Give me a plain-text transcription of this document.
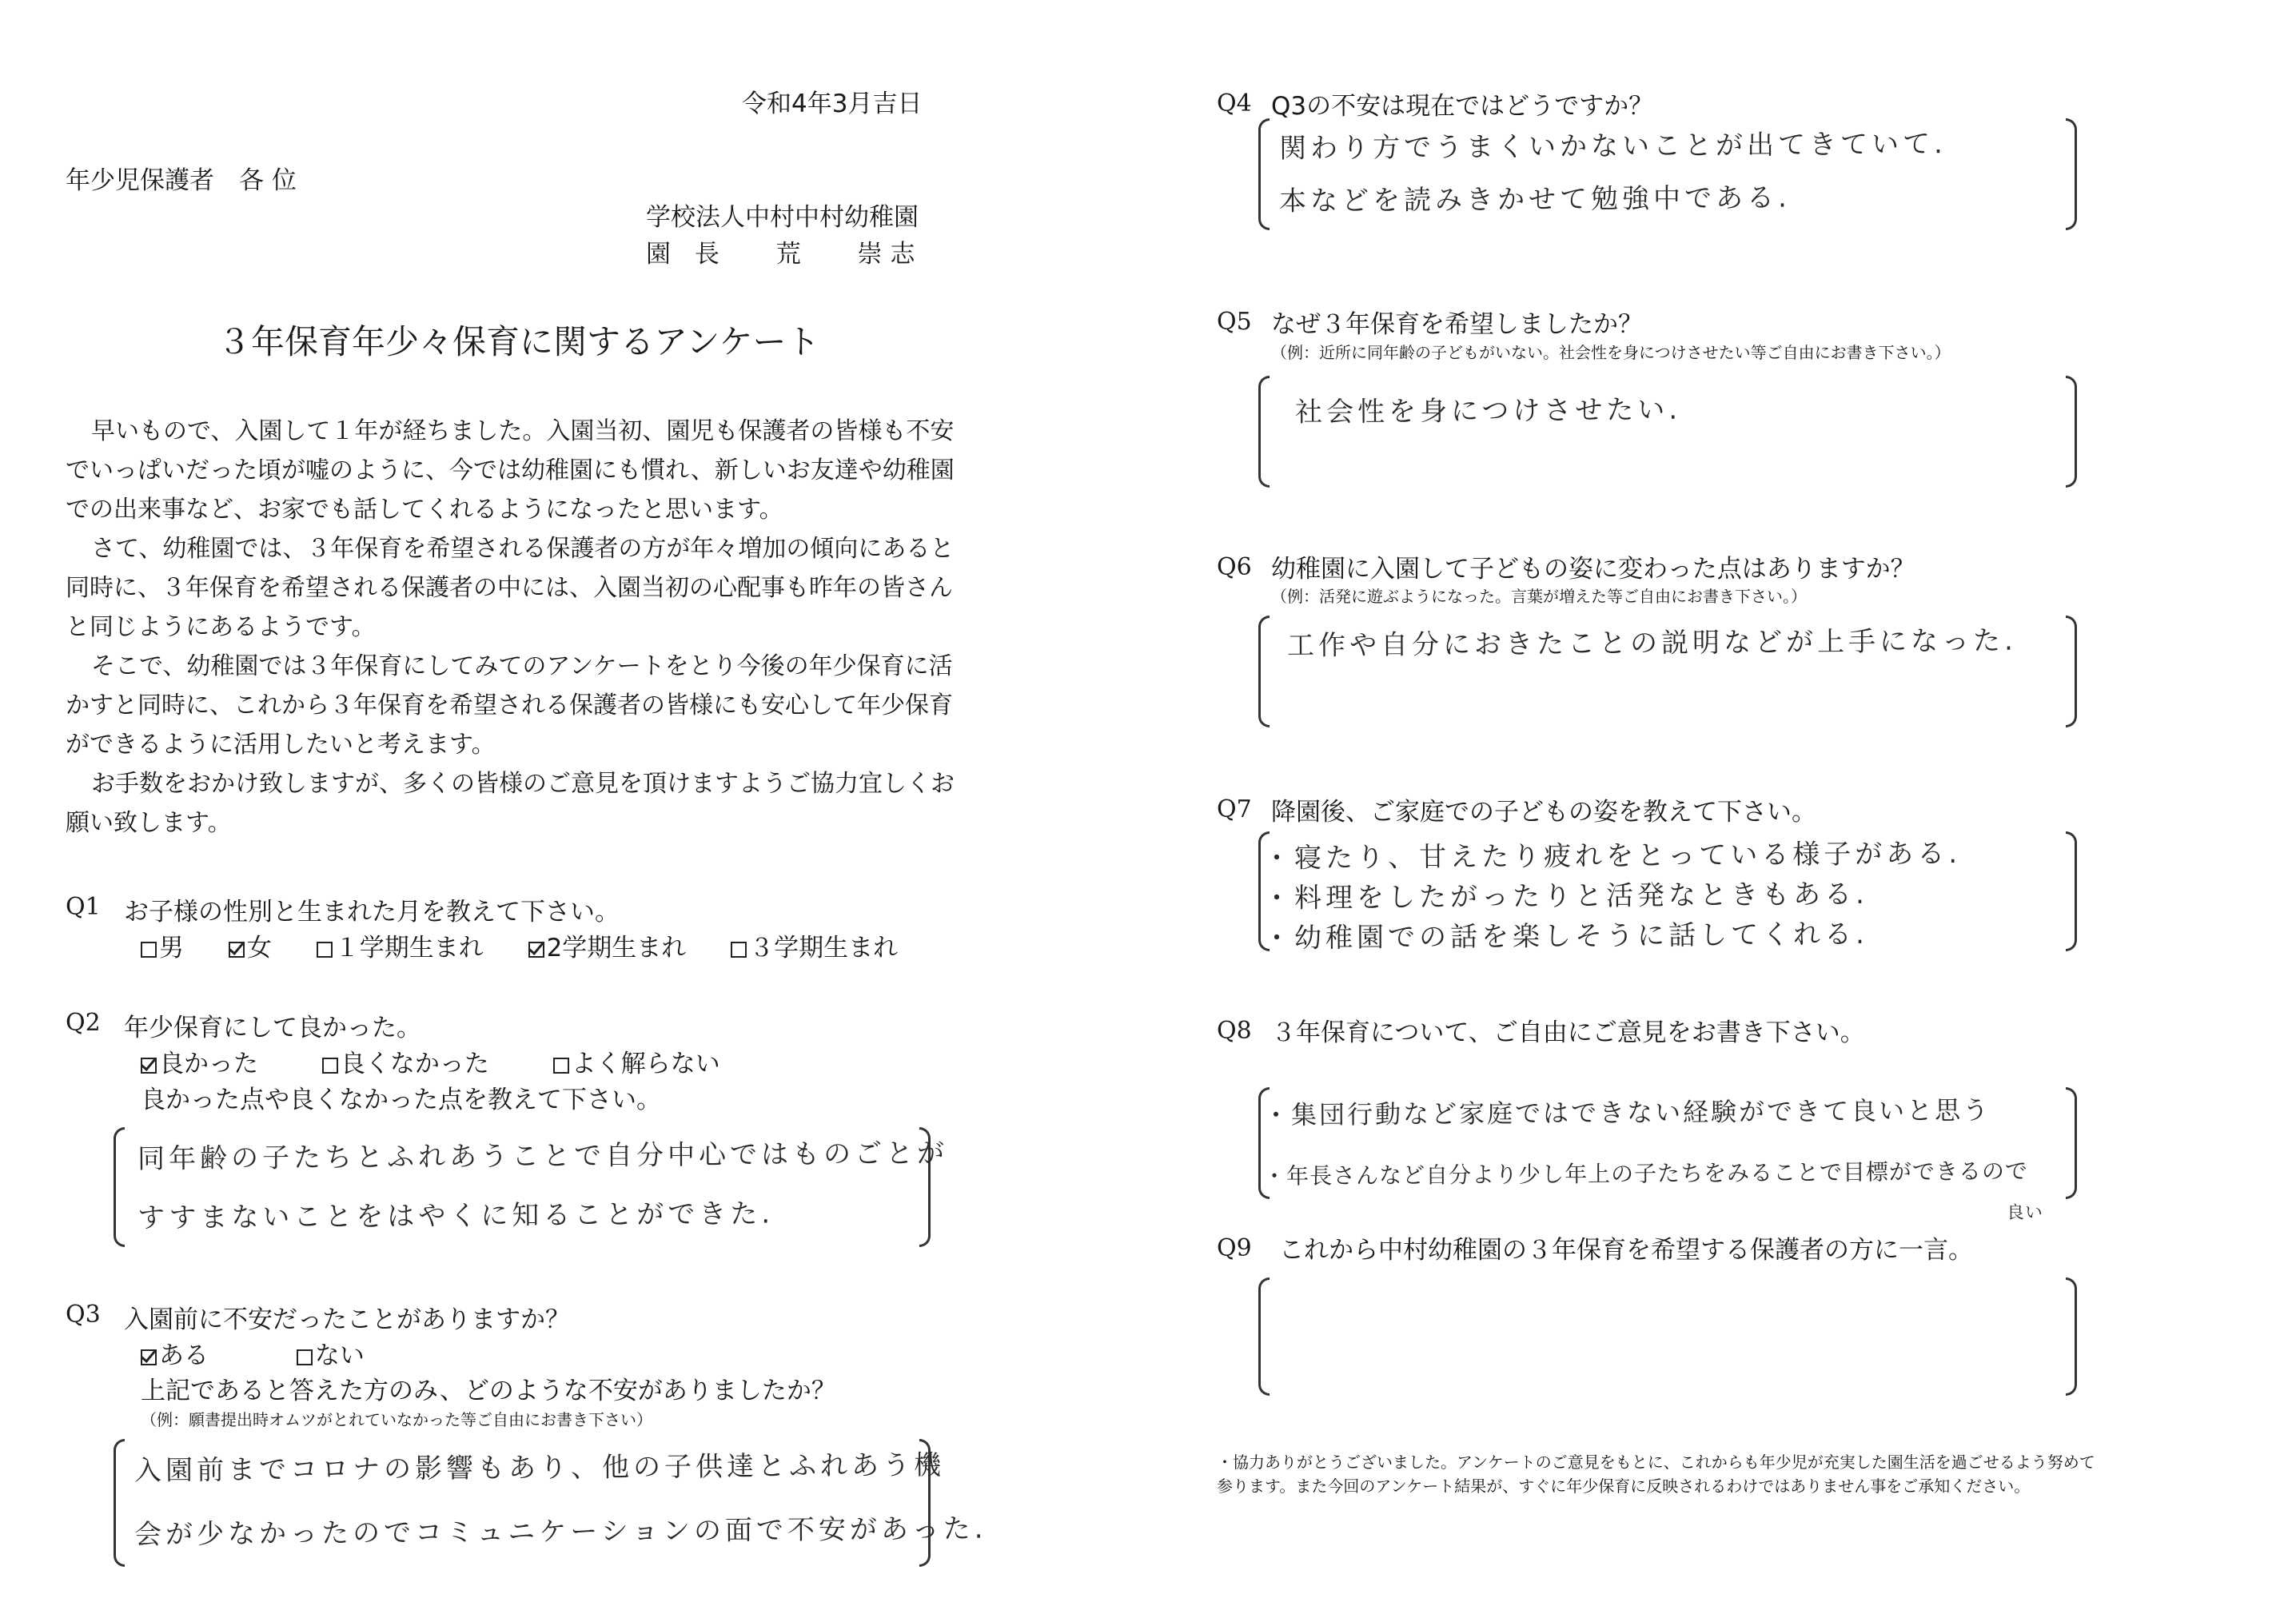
令和4年3月吉日
年少児保護者　各 位
学校法人中村中村幼稚園
園 長　 荒　 崇志
３年保育年少々保育に関するアンケート

早いもので、入園して１年が経ちました。入園当初、園児も保護者の皆様も不安でいっぱいだった頃が嘘のように、今では幼稚園にも慣れ、新しいお友達や幼稚園での出来事など、お家でも話してくれるようになったと思います。

さて、幼稚園では、３年保育を希望される保護者の方が年々増加の傾向にあると同時に、３年保育を希望される保護者の中には、入園当初の心配事も昨年の皆さんと同じようにあるようです。

そこで、幼稚園では３年保育にしてみてのアンケートをとり今後の年少保育に活かすと同時に、これから３年保育を希望される保護者の皆様にも安心して年少保育ができるように活用したいと考えます。

お手数をおかけ致しますが、多くの皆様のご意見を頂けますようご協力宜しくお願い致します。

Q1 お子様の性別と生まれた月を教えて下さい。
男	女	１学期生まれ	2学期生まれ	３学期生まれ
Q2 年少保育にして良かった。
良かった	良くなかった	よく解らない
良かった点や良くなかった点を教えて下さい。
同年齢の子たちとふれあうことで自分中心ではものごとが
すすまないことをはやくに知ることができた.
Q3 入園前に不安だったことがありますか？
ある	ない
上記であると答えた方のみ、どのような不安がありましたか？
（例：願書提出時オムツがとれていなかった等ご自由にお書き下さい）
入園前までコロナの影響もあり、他の子供達とふれあう機
会が少なかったのでコミュニケーションの面で不安があった.
Q4 Q3の不安は現在ではどうですか？
関わり方でうまくいかないことが出てきていて.
本などを読みきかせて勉強中である.
Q5 なぜ３年保育を希望しましたか？
（例：近所に同年齢の子どもがいない。社会性を身につけさせたい等ご自由にお書き下さい。）
社会性を身につけさせたい.
Q6 幼稚園に入園して子どもの姿に変わった点はありますか？
（例：活発に遊ぶようになった。言葉が増えた等ご自由にお書き下さい。）
工作や自分におきたことの説明などが上手になった.
Q7 降園後、ご家庭での子どもの姿を教えて下さい。
・寝たり、甘えたり疲れをとっている様子がある.
・料理をしたがったりと活発なときもある.
・幼稚園での話を楽しそうに話してくれる.
Q8 ３年保育について、ご自由にご意見をお書き下さい。
・集団行動など家庭ではできない経験ができて良いと思う
・年長さんなど自分より少し年上の子たちをみることで目標ができるので
良い
Q9 これから中村幼稚園の３年保育を希望する保護者の方に一言。
・協力ありがとうございました。アンケートのご意見をもとに、これからも年少児が充実した園生活を過ごせるよう努めて参ります。また今回のアンケート結果が、すぐに年少保育に反映されるわけではありません事をご承知ください。
